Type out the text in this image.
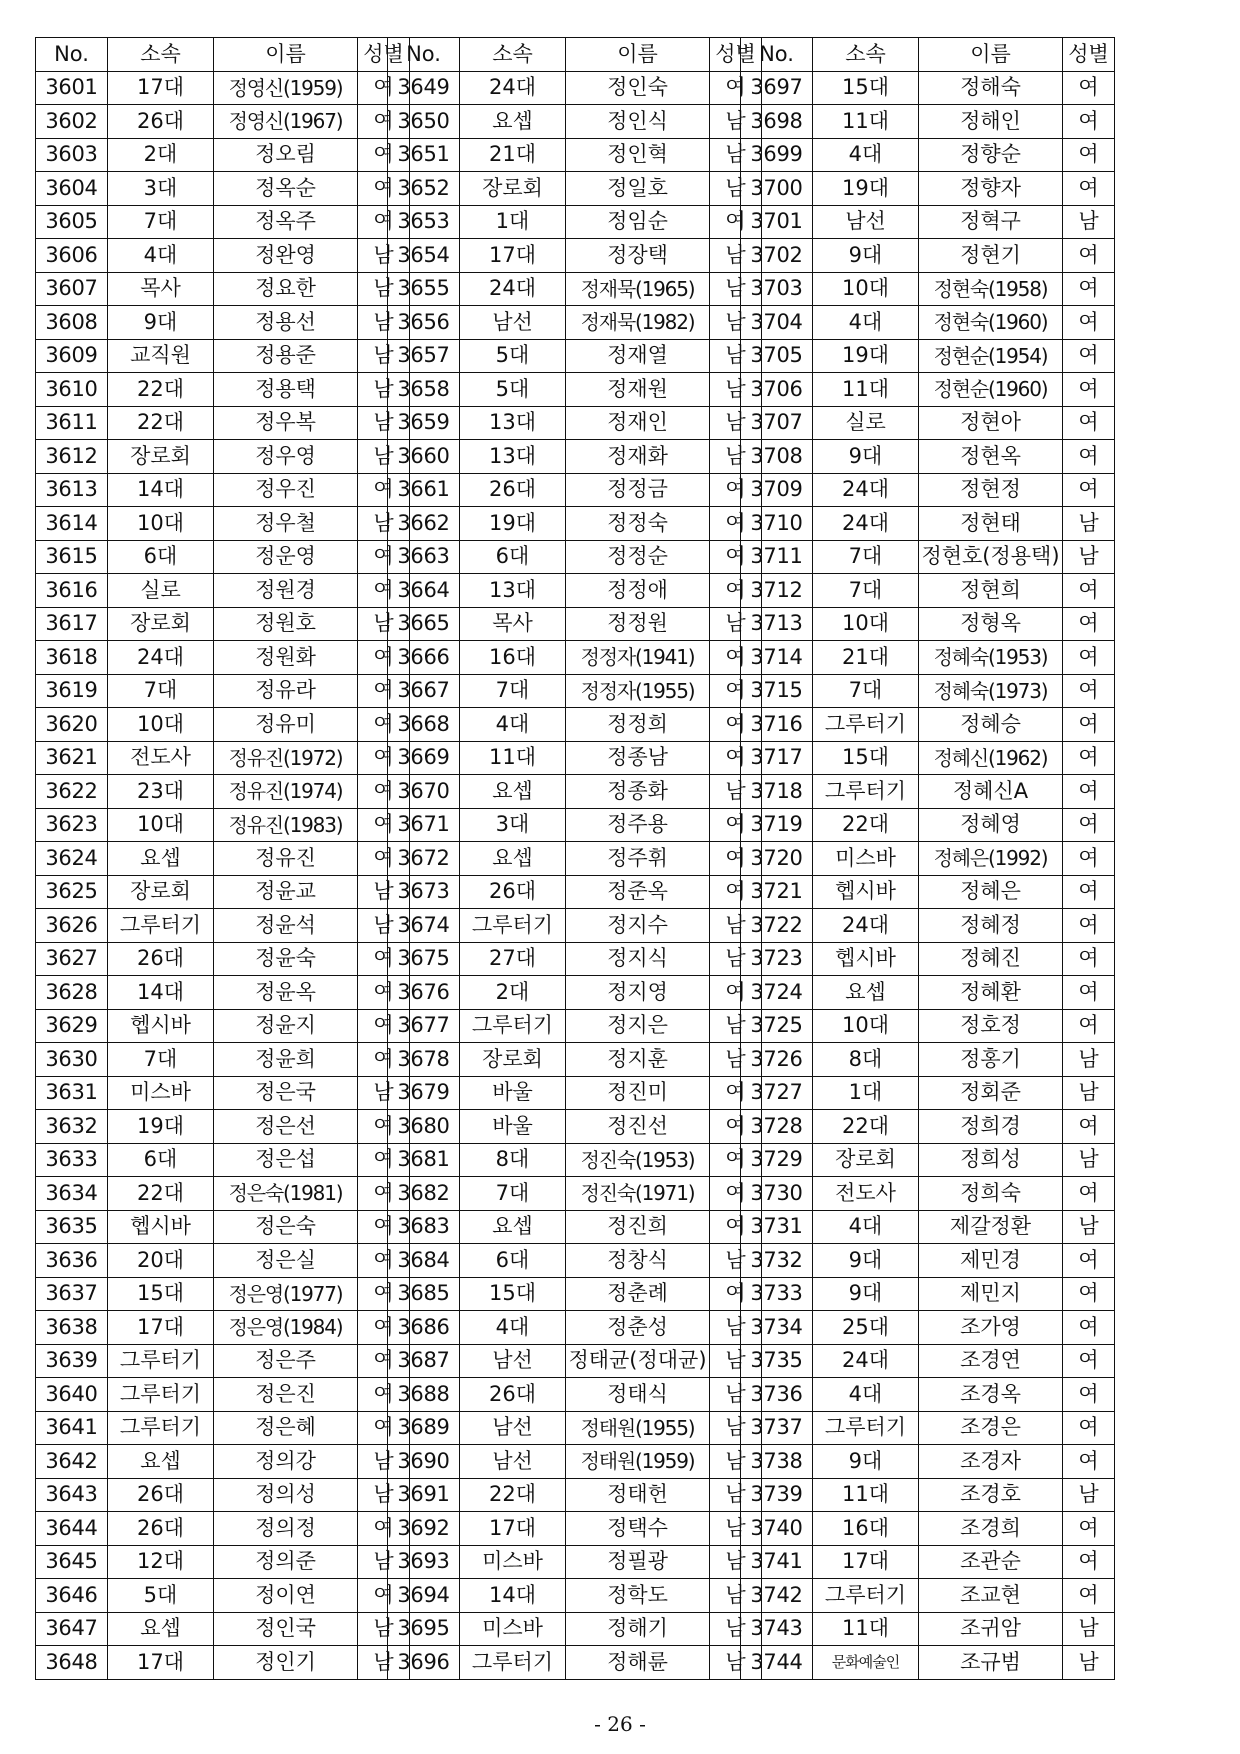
No.	소속	이름	성별
3601	17대	정영신(1959)	여
3602	26대	정영신(1967)	여
3603	2대	정오림	여
3604	3대	정옥순	여
3605	7대	정옥주	여
3606	4대	정완영	남
3607	목사	정요한	남
3608	9대	정용선	남
3609	교직원	정용준	남
3610	22대	정용택	남
3611	22대	정우복	남
3612	장로회	정우영	남
3613	14대	정우진	여
3614	10대	정우철	남
3615	6대	정운영	여
3616	실로	정원경	여
3617	장로회	정원호	남
3618	24대	정원화	여
3619	7대	정유라	여
3620	10대	정유미	여
3621	전도사	정유진(1972)	여
3622	23대	정유진(1974)	여
3623	10대	정유진(1983)	여
3624	요셉	정유진	여
3625	장로회	정윤교	남
3626	그루터기	정윤석	남
3627	26대	정윤숙	여
3628	14대	정윤옥	여
3629	헵시바	정윤지	여
3630	7대	정윤희	여
3631	미스바	정은국	남
3632	19대	정은선	여
3633	6대	정은섭	여
3634	22대	정은숙(1981)	여
3635	헵시바	정은숙	여
3636	20대	정은실	여
3637	15대	정은영(1977)	여
3638	17대	정은영(1984)	여
3639	그루터기	정은주	여
3640	그루터기	정은진	여
3641	그루터기	정은혜	여
3642	요셉	정의강	남
3643	26대	정의성	남
3644	26대	정의정	여
3645	12대	정의준	남
3646	5대	정이연	여
3647	요셉	정인국	남
3648	17대	정인기	남
No.	소속	이름	성별
3649	24대	정인숙	여
3650	요셉	정인식	남
3651	21대	정인혁	남
3652	장로회	정일호	남
3653	1대	정임순	여
3654	17대	정장택	남
3655	24대	정재묵(1965)	남
3656	남선	정재묵(1982)	남
3657	5대	정재열	남
3658	5대	정재원	남
3659	13대	정재인	남
3660	13대	정재화	남
3661	26대	정정금	여
3662	19대	정정숙	여
3663	6대	정정순	여
3664	13대	정정애	여
3665	목사	정정원	남
3666	16대	정정자(1941)	여
3667	7대	정정자(1955)	여
3668	4대	정정희	여
3669	11대	정종남	여
3670	요셉	정종화	남
3671	3대	정주용	여
3672	요셉	정주휘	여
3673	26대	정준옥	여
3674	그루터기	정지수	남
3675	27대	정지식	남
3676	2대	정지영	여
3677	그루터기	정지은	남
3678	장로회	정지훈	남
3679	바울	정진미	여
3680	바울	정진선	여
3681	8대	정진숙(1953)	여
3682	7대	정진숙(1971)	여
3683	요셉	정진희	여
3684	6대	정창식	남
3685	15대	정춘례	여
3686	4대	정춘성	남
3687	남선	정태균(정대균)	남
3688	26대	정태식	남
3689	남선	정태원(1955)	남
3690	남선	정태원(1959)	남
3691	22대	정태헌	남
3692	17대	정택수	남
3693	미스바	정필광	남
3694	14대	정학도	남
3695	미스바	정해기	남
3696	그루터기	정해륜	남
No.	소속	이름	성별
3697	15대	정해숙	여
3698	11대	정해인	여
3699	4대	정향순	여
3700	19대	정향자	여
3701	남선	정혁구	남
3702	9대	정현기	여
3703	10대	정현숙(1958)	여
3704	4대	정현숙(1960)	여
3705	19대	정현순(1954)	여
3706	11대	정현순(1960)	여
3707	실로	정현아	여
3708	9대	정현옥	여
3709	24대	정현정	여
3710	24대	정현태	남
3711	7대	정현호(정용택)	남
3712	7대	정현희	여
3713	10대	정형옥	여
3714	21대	정혜숙(1953)	여
3715	7대	정혜숙(1973)	여
3716	그루터기	정혜승	여
3717	15대	정혜신(1962)	여
3718	그루터기	정혜신A	여
3719	22대	정혜영	여
3720	미스바	정혜은(1992)	여
3721	헵시바	정혜은	여
3722	24대	정혜정	여
3723	헵시바	정혜진	여
3724	요셉	정혜환	여
3725	10대	정호정	여
3726	8대	정홍기	남
3727	1대	정회준	남
3728	22대	정희경	여
3729	장로회	정희성	남
3730	전도사	정희숙	여
3731	4대	제갈정환	남
3732	9대	제민경	여
3733	9대	제민지	여
3734	25대	조가영	여
3735	24대	조경연	여
3736	4대	조경옥	여
3737	그루터기	조경은	여
3738	9대	조경자	여
3739	11대	조경호	남
3740	16대	조경희	여
3741	17대	조관순	여
3742	그루터기	조교현	여
3743	11대	조귀암	남
3744	문화예술인	조규범	남
- 26 -
